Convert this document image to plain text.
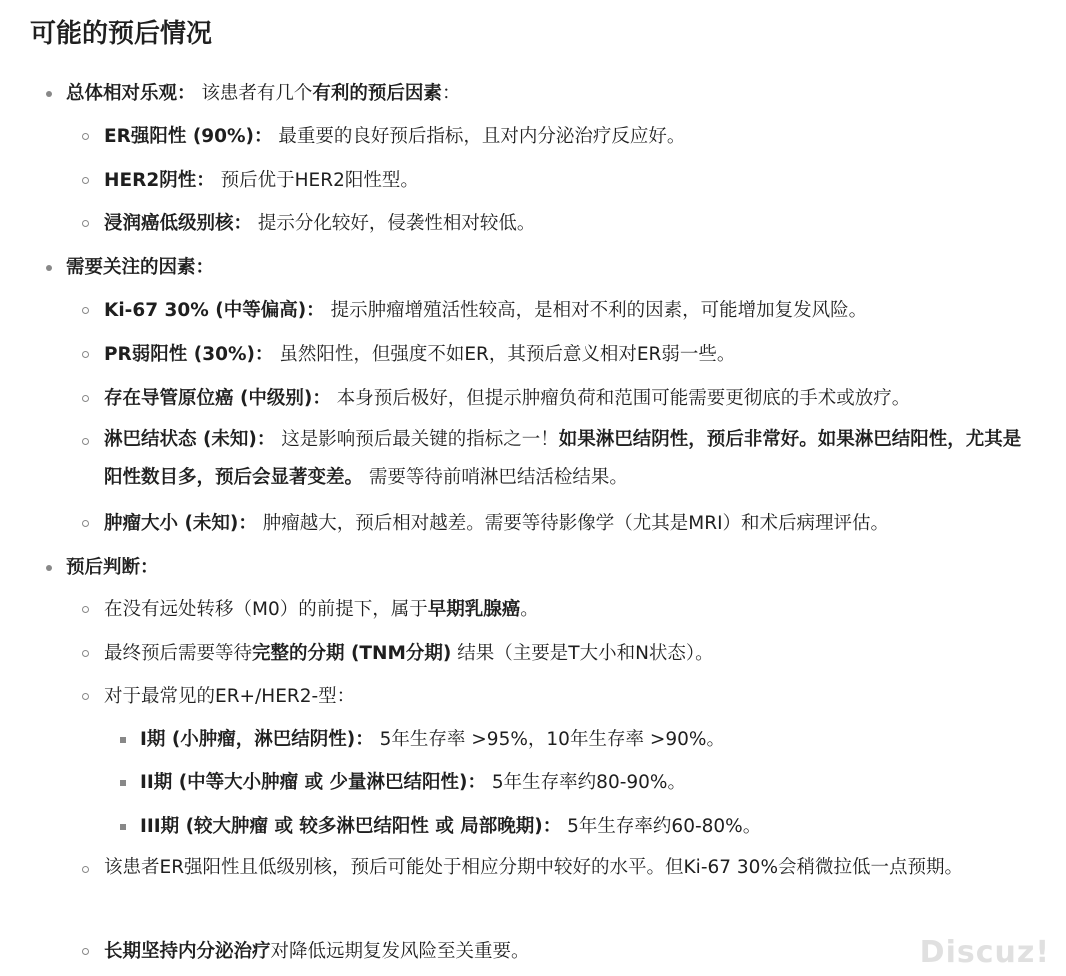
可能的预后情况
总体相对乐观： 该患者有几个有利的预后因素：
ER强阳性 (90%)： 最重要的良好预后指标，且对内分泌治疗反应好。
HER2阴性： 预后优于HER2阳性型。
浸润癌低级别核： 提示分化较好，侵袭性相对较低。
需要关注的因素：
Ki-67 30% (中等偏高)： 提示肿瘤增殖活性较高，是相对不利的因素，可能增加复发风险。
PR弱阳性 (30%)： 虽然阳性，但强度不如ER，其预后意义相对ER弱一些。
存在导管原位癌 (中级别)： 本身预后极好，但提示肿瘤负荷和范围可能需要更彻底的手术或放疗。
淋巴结状态 (未知)： 这是影响预后最关键的指标之一！如果淋巴结阴性，预后非常好。如果淋巴结阳性，尤其是阳性数目多，预后会显著变差。 需要等待前哨淋巴结活检结果。
肿瘤大小 (未知)： 肿瘤越大，预后相对越差。需要等待影像学（尤其是MRI）和术后病理评估。
预后判断：
在没有远处转移（M0）的前提下，属于早期乳腺癌。
最终预后需要等待完整的分期 (TNM分期) 结果（主要是T大小和N状态）。
对于最常见的ER+/HER2-型：
I期 (小肿瘤，淋巴结阴性)： 5年生存率 >95%，10年生存率 >90%。
II期 (中等大小肿瘤 或 少量淋巴结阳性)： 5年生存率约80-90%。
III期 (较大肿瘤 或 较多淋巴结阳性 或 局部晚期)： 5年生存率约60-80%。
该患者ER强阳性且低级别核，预后可能处于相应分期中较好的水平。但Ki-67 30%会稍微拉低一点预期。
长期坚持内分泌治疗对降低远期复发风险至关重要。	Discuz!
